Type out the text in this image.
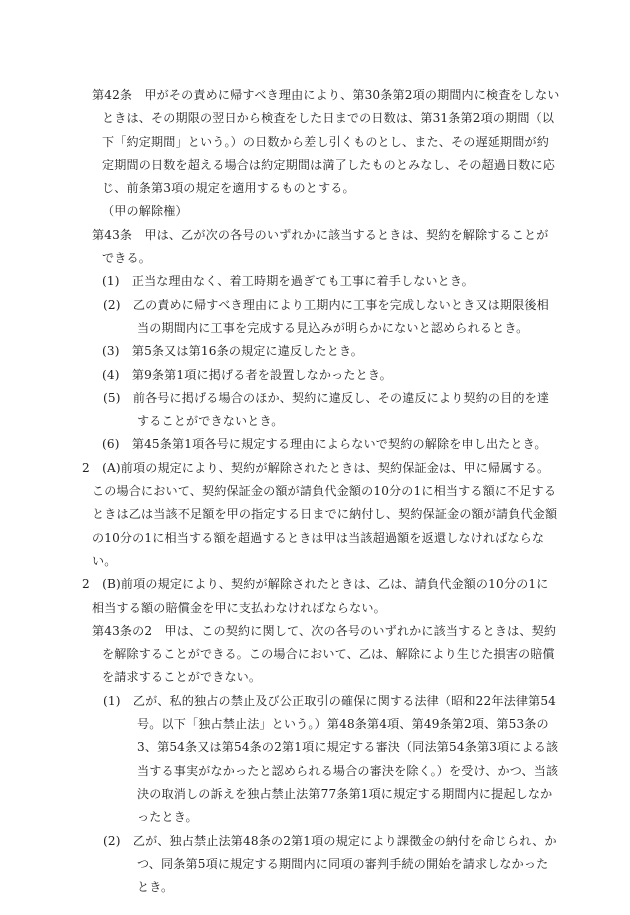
第42条　甲がその責めに帰すべき理由により、第30条第2項の期間内に検査をしないときは、その期限の翌日から検査をした日までの日数は、第31条第2項の期間（以下「約定期間」という。）の日数から差し引くものとし、また、その遅延期間が約定期間の日数を超える場合は約定期間は満了したものとみなし、その超過日数に応じ、前条第3項の規定を適用するものとする。

（甲の解除権）

第43条　甲は、乙が次の各号のいずれかに該当するときは、契約を解除することができる。

(1)　正当な理由なく、着工時期を過ぎても工事に着手しないとき。

(2)　乙の責めに帰すべき理由により工期内に工事を完成しないとき又は期限後相当の期間内に工事を完成する見込みが明らかにないと認められるとき。

(3)　第5条又は第16条の規定に違反したとき。

(4)　第9条第1項に掲げる者を設置しなかったとき。

(5)　前各号に掲げる場合のほか、契約に違反し、その違反により契約の目的を達することができないとき。

(6)　第45条第1項各号に規定する理由によらないで契約の解除を申し出たとき。

2　(A)前項の規定により、契約が解除されたときは、契約保証金は、甲に帰属する。この場合において、契約保証金の額が請負代金額の10分の1に相当する額に不足するときは乙は当該不足額を甲の指定する日までに納付し、契約保証金の額が請負代金額の10分の1に相当する額を超過するときは甲は当該超過額を返還しなければならない。

2　(B)前項の規定により、契約が解除されたときは、乙は、請負代金額の10分の1に相当する額の賠償金を甲に支払わなければならない。

第43条の2　甲は、この契約に関して、次の各号のいずれかに該当するときは、契約を解除することができる。この場合において、乙は、解除により生じた損害の賠償を請求することができない。

(1)　乙が、私的独占の禁止及び公正取引の確保に関する法律（昭和22年法律第54号。以下「独占禁止法」という。）第48条第4項、第49条第2項、第53条の3、第54条又は第54条の2第1項に規定する審決（同法第54条第3項による該当する事実がなかったと認められる場合の審決を除く。）を受け、かつ、当該決の取消しの訴えを独占禁止法第77条第1項に規定する期間内に提起しなかったとき。

(2)　乙が、独占禁止法第48条の2第1項の規定により課徴金の納付を命じられ、かつ、同条第5項に規定する期間内に同項の審判手続の開始を請求しなかったとき。
